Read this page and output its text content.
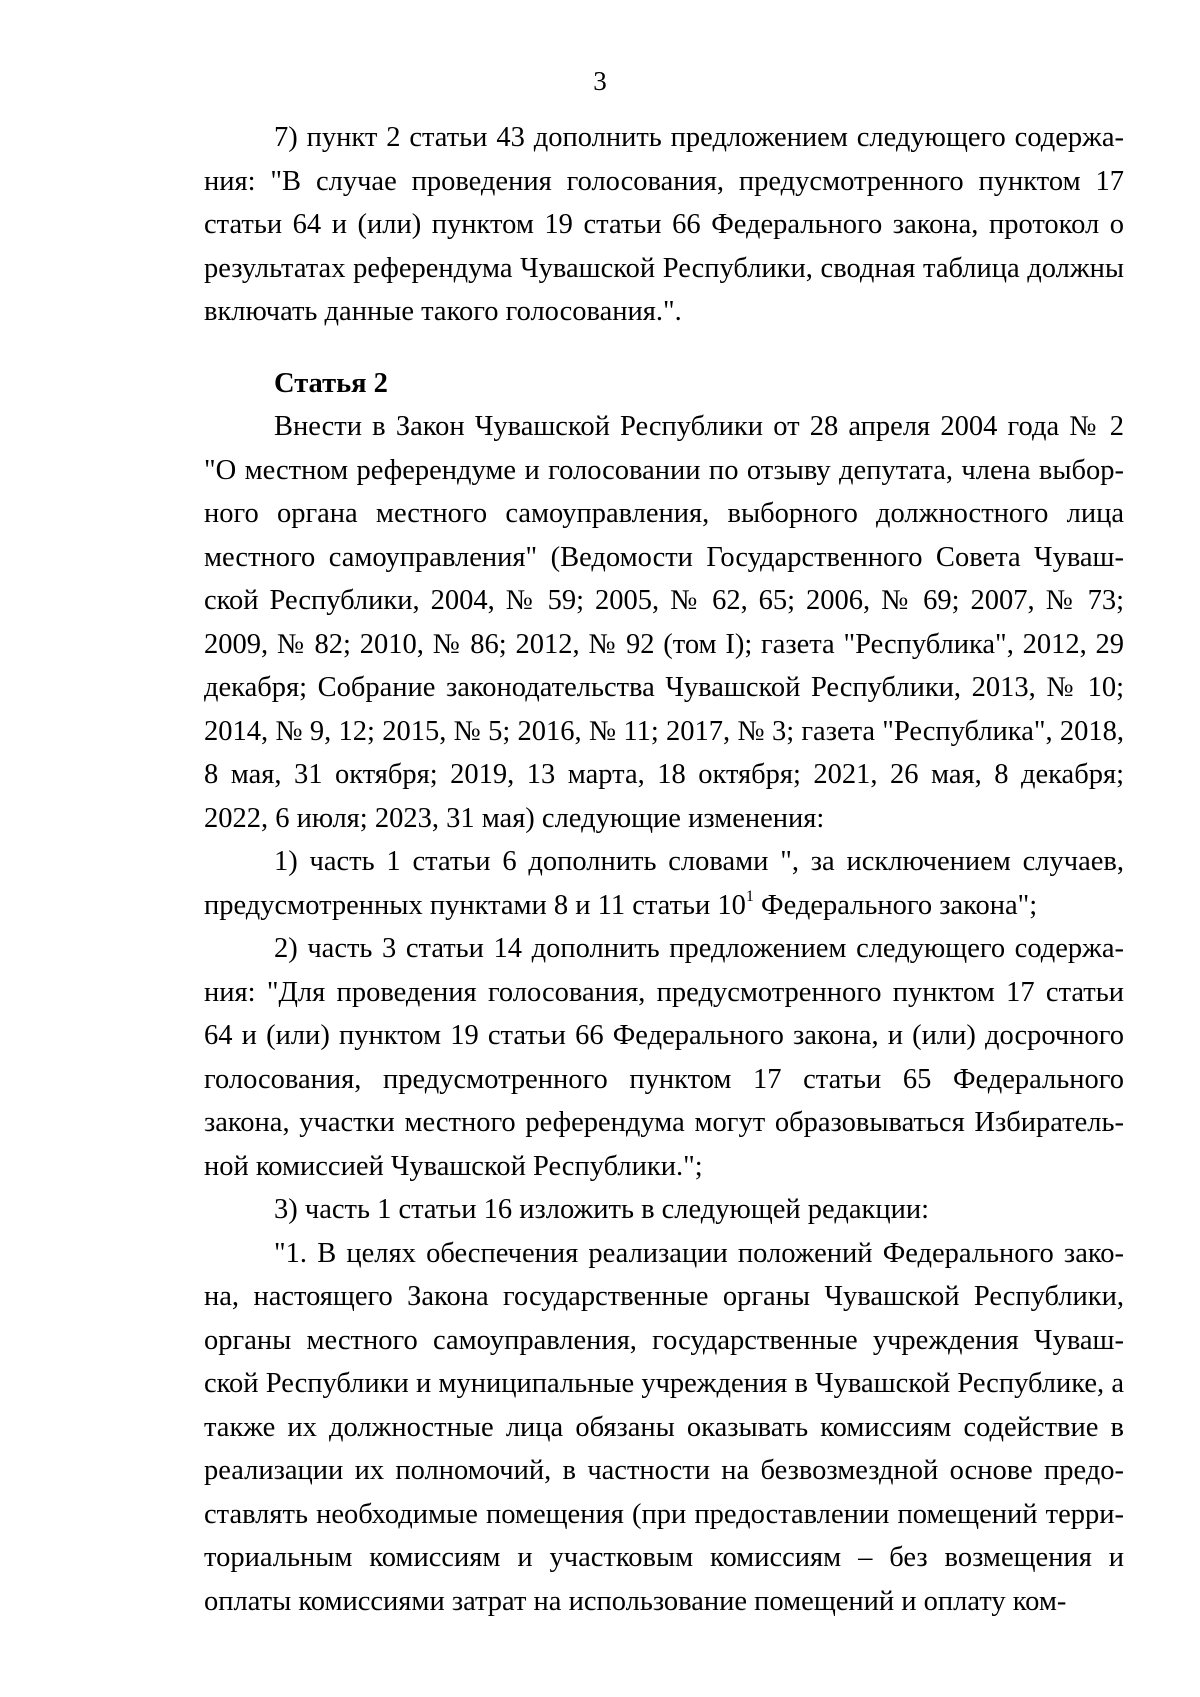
3

7) пункт 2 статьи 43 дополнить предложением следующего содержания: "В случае проведения голосования, предусмотренного пунктом 17 статьи 64 и (или) пунктом 19 статьи 66 Федерального закона, протокол о результатах референдума Чувашской Республики, сводная таблица должны включать данные такого голосования.".

Статья 2

Внести в Закон Чувашской Республики от 28 апреля 2004 года № 2 "О местном референдуме и голосовании по отзыву депутата, члена выборного органа местного самоуправления, выборного должностного лица местного самоуправления" (Ведомости Государственного Совета Чувашской Республики, 2004, № 59; 2005, № 62, 65; 2006, № 69; 2007, № 73; 2009, № 82; 2010, № 86; 2012, № 92 (том I); газета "Республика", 2012, 29 декабря; Собрание законодательства Чувашской Республики, 2013, № 10; 2014, № 9, 12; 2015, № 5; 2016, № 11; 2017, № 3; газета "Республика", 2018, 8 мая, 31 октября; 2019, 13 марта, 18 октября; 2021, 26 мая, 8 декабря; 2022, 6 июля; 2023, 31 мая) следующие изменения:

1) часть 1 статьи 6 дополнить словами ", за исключением случаев, предусмотренных пунктами 8 и 11 статьи $10^1$ Федерального закона";

2) часть 3 статьи 14 дополнить предложением следующего содержания: "Для проведения голосования, предусмотренного пунктом 17 статьи 64 и (или) пунктом 19 статьи 66 Федерального закона, и (или) досрочного голосования, предусмотренного пунктом 17 статьи 65 Федерального закона, участки местного референдума могут образовываться Избирательной комиссией Чувашской Республики.";

3) часть 1 статьи 16 изложить в следующей редакции:

"1. В целях обеспечения реализации положений Федерального закона, настоящего Закона государственные органы Чувашской Республики, органы местного самоуправления, государственные учреждения Чувашской Республики и муниципальные учреждения в Чувашской Республике, а также их должностные лица обязаны оказывать комиссиям содействие в реализации их полномочий, в частности на безвозмездной основе предоставлять необходимые помещения (при предоставлении помещений территориальным комиссиям и участковым комиссиям – без возмещения и оплаты комиссиями затрат на использование помещений и оплату ком-
